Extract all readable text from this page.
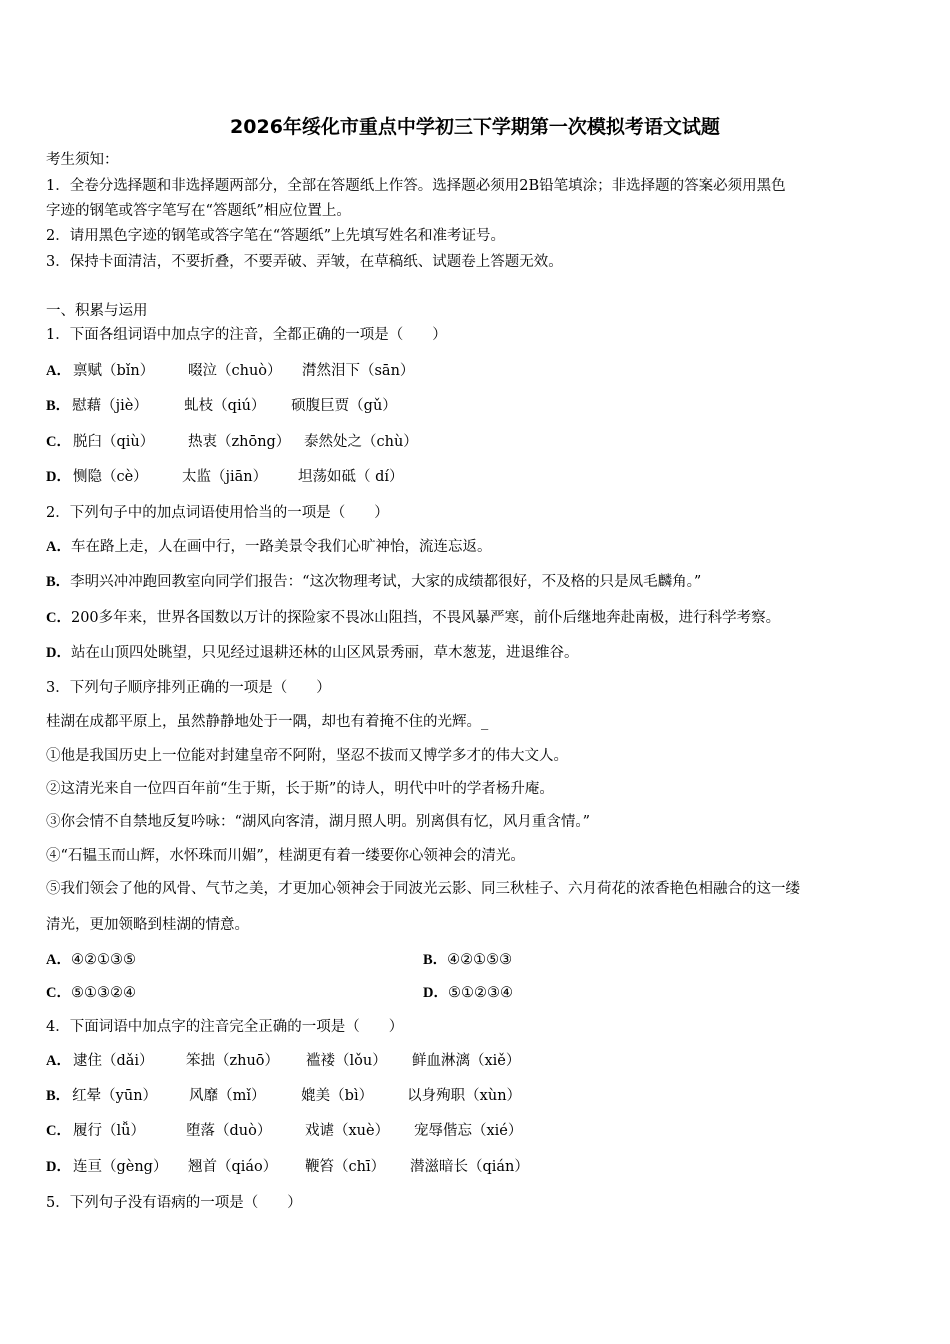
2026年绥化市重点中学初三下学期第一次模拟考语文试题
考生须知：
1．全卷分选择题和非选择题两部分，全部在答题纸上作答。选择题必须用2B铅笔填涂；非选择题的答案必须用黑色
字迹的钢笔或答字笔写在“答题纸”相应位置上。
2．请用黑色字迹的钢笔或答字笔在“答题纸”上先填写姓名和准考证号。
3．保持卡面清洁，不要折叠，不要弄破、弄皱，在草稿纸、试题卷上答题无效。
一、积累与运用
1．下面各组词语中加点字的注音，全都正确的一项是（　　）
A． 禀赋（bǐn） 啜泣（chuò） 潸然泪下（sān）
B． 慰藉（jiè）	虬枝（qiú） 硕腹巨贾（gǔ）
C． 脱臼（qiù） 热衷（zhōng） 泰然处之（chù）
D． 恻隐（cè） 太监（jiān） 坦荡如砥（ dí）
2．下列句子中的加点词语使用恰当的一项是（　　）
A．车在路上走，人在画中行，一路美景令我们心旷神怡，流连忘返。
B．李明兴冲冲跑回教室向同学们报告：“这次物理考试，大家的成绩都很好，不及格的只是凤毛麟角。”
C．200多年来，世界各国数以万计的探险家不畏冰山阻挡，不畏风暴严寒，前仆后继地奔赴南极，进行科学考察。
D．站在山顶四处眺望，只见经过退耕还林的山区风景秀丽，草木葱茏，进退维谷。
3．下列句子顺序排列正确的一项是（　　）
桂湖在成都平原上，虽然静静地处于一隅，却也有着掩不住的光辉。_
①他是我国历史上一位能对封建皇帝不阿附，坚忍不拔而又博学多才的伟大文人。
②这清光来自一位四百年前“生于斯，长于斯”的诗人，明代中叶的学者杨升庵。
③你会情不自禁地反复吟咏：“湖风向客清，湖月照人明。别离俱有忆，风月重含情。”
④“石韫玉而山辉，水怀珠而川媚”，桂湖更有着一缕要你心领神会的清光。
⑤我们领会了他的风骨、气节之美，才更加心领神会于同波光云影、同三秋桂子、六月荷花的浓香艳色相融合的这一缕
清光，更加领略到桂湖的情意。
A．④②①③⑤	B．④②①⑤③
C．⑤①③②④	D．⑤①②③④
4．下面词语中加点字的注音完全正确的一项是（　　）
A． 逮住（dǎi） 笨拙（zhuō） 褴褛（lǒu） 鲜血淋漓（xiě）
B． 红晕（yūn） 风靡（mǐ） 媲美（bì） 以身殉职（xùn）
C． 履行（lǚ）	堕落（duò） 戏谑（xuè） 宠辱偕忘（xié）
D． 连亘（gèng） 翘首（qiáo） 鞭笞（chī） 潜滋暗长（qián）
5．下列句子没有语病的一项是（　　）
